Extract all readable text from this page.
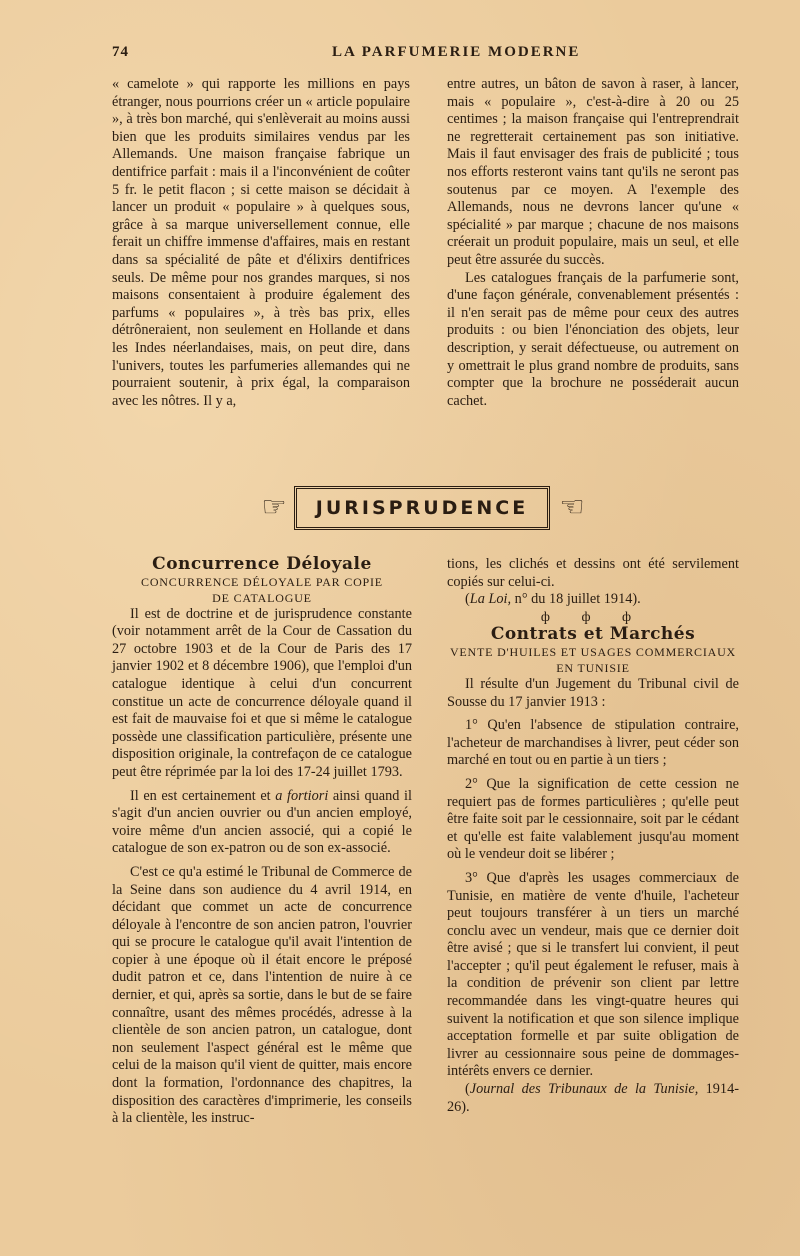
74	LA PARFUMERIE MODERNE

« camelote » qui rapporte les millions en pays étranger, nous pourrions créer un « article populaire », à très bon marché, qui s'enlèverait au moins aussi bien que les produits similaires vendus par les Allemands. Une maison française fabrique un dentifrice parfait : mais il a l'inconvénient de coûter 5 fr. le petit flacon ; si cette maison se décidait à lancer un produit « populaire » à quelques sous, grâce à sa marque universellement connue, elle ferait un chiffre immense d'affaires, mais en restant dans sa spécialité de pâte et d'élixirs dentifrices seuls. De même pour nos grandes marques, si nos maisons consentaient à produire également des parfums « populaires », à très bas prix, elles détrôneraient, non seulement en Hollande et dans les Indes néerlandaises, mais, on peut dire, dans l'univers, toutes les parfumeries allemandes qui ne pourraient soutenir, à prix égal, la comparaison avec les nôtres. Il y a,

entre autres, un bâton de savon à raser, à lancer, mais « populaire », c'est-à-dire à 20 ou 25 centimes ; la maison française qui l'entreprendrait ne regretterait certainement pas son initiative. Mais il faut envisager des frais de publicité ; tous nos efforts resteront vains tant qu'ils ne seront pas soutenus par ce moyen. A l'exemple des Allemands, nous ne devrons lancer qu'une « spécialité » par marque ; chacune de nos maisons créerait un produit populaire, mais un seul, et elle peut être assurée du succès.

Les catalogues français de la parfumerie sont, d'une façon générale, convenablement présentés : il n'en serait pas de même pour ceux des autres produits : ou bien l'énonciation des objets, leur description, y serait défectueuse, ou autrement on y omettrait le plus grand nombre de produits, sans compter que la brochure ne posséderait aucun cachet.

☞ JURISPRUDENCE ☞

Concurrence Déloyale

CONCURRENCE DÉLOYALE PAR COPIE
DE CATALOGUE

Il est de doctrine et de jurisprudence constante (voir notamment arrêt de la Cour de Cassation du 27 octobre 1903 et de la Cour de Paris des 17 janvier 1902 et 8 décembre 1906), que l'emploi d'un catalogue identique à celui d'un concurrent constitue un acte de concurrence déloyale quand il est fait de mauvaise foi et que si même le catalogue possède une classification particulière, présente une disposition originale, la contrefaçon de ce catalogue peut être réprimée par la loi des 17-24 juillet 1793.

Il en est certainement et a fortiori ainsi quand il s'agit d'un ancien ouvrier ou d'un ancien employé, voire même d'un ancien associé, qui a copié le catalogue de son ex-patron ou de son ex-associé.

C'est ce qu'a estimé le Tribunal de Commerce de la Seine dans son audience du 4 avril 1914, en décidant que commet un acte de concurrence déloyale à l'encontre de son ancien patron, l'ouvrier qui se procure le catalogue qu'il avait l'intention de copier à une époque où il était encore le préposé dudit patron et ce, dans l'intention de nuire à ce dernier, et qui, après sa sortie, dans le but de se faire connaître, usant des mêmes procédés, adresse à la clientèle de son ancien patron, un catalogue, dont non seulement l'aspect général est le même que celui de la maison qu'il vient de quitter, mais encore dont la formation, l'ordonnance des chapitres, la disposition des caractères d'imprimerie, les conseils à la clientèle, les instruc-

tions, les clichés et dessins ont été servilement copiés sur celui-ci.

(La Loi, n° du 18 juillet 1914).

ф ф ф

Contrats et Marchés

VENTE D'HUILES ET USAGES COMMERCIAUX
EN TUNISIE

Il résulte d'un Jugement du Tribunal civil de Sousse du 17 janvier 1913 :

1° Qu'en l'absence de stipulation contraire, l'acheteur de marchandises à livrer, peut céder son marché en tout ou en partie à un tiers ;

2° Que la signification de cette cession ne requiert pas de formes particulières ; qu'elle peut être faite soit par le cessionnaire, soit par le cédant et qu'elle est faite valablement jusqu'au moment où le vendeur doit se libérer ;

3° Que d'après les usages commerciaux de Tunisie, en matière de vente d'huile, l'acheteur peut toujours transférer à un tiers un marché conclu avec un vendeur, mais que ce dernier doit être avisé ; que si le transfert lui convient, il peut l'accepter ; qu'il peut également le refuser, mais à la condition de prévenir son client par lettre recommandée dans les vingt-quatre heures qui suivent la notification et que son silence implique acceptation formelle et par suite obligation de livrer au cessionnaire sous peine de dommages-intérêts envers ce dernier.

(Journal des Tribunaux de la Tunisie, 1914-26).
